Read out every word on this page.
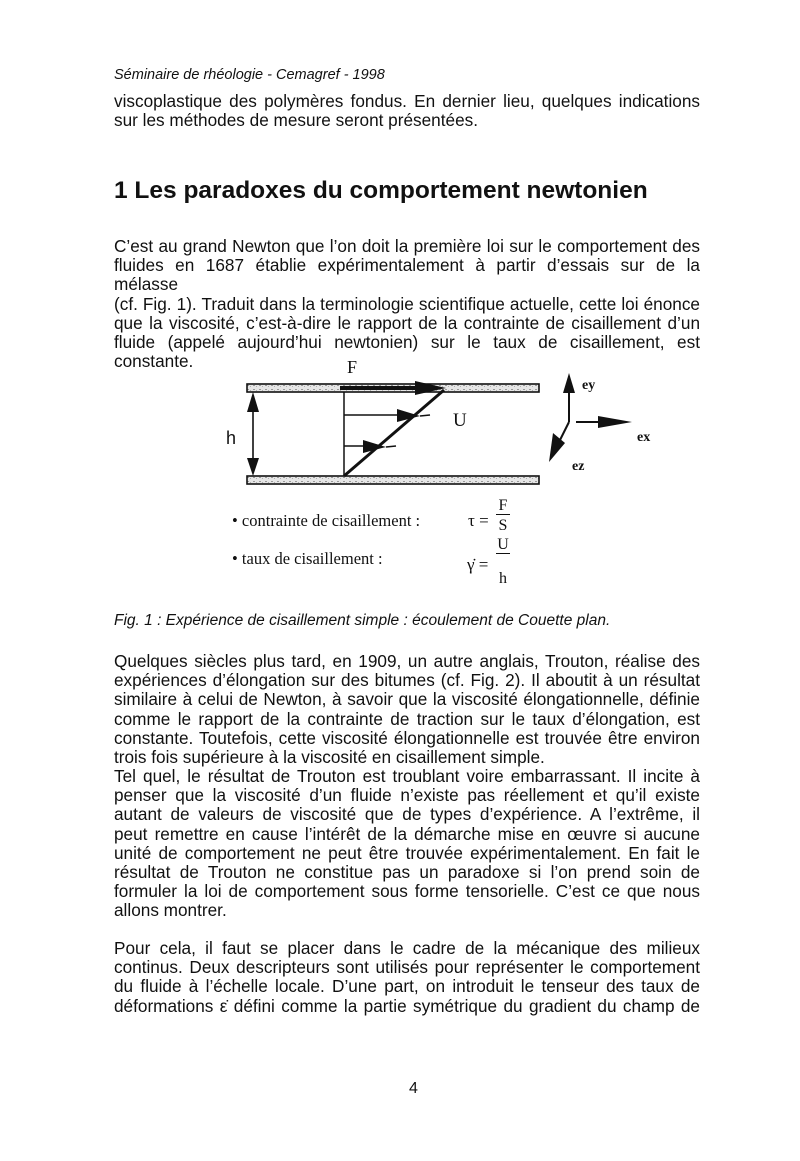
Séminaire de rhéologie - Cemagref - 1998
viscoplastique des polymères fondus. En dernier lieu, quelques indications
sur les méthodes de mesure seront présentées.
1 Les paradoxes du comportement newtonien
C’est au grand Newton que l’on doit la première loi sur le comportement des
fluides en 1687 établie expérimentalement à partir d’essais sur de la mélasse
(cf. Fig. 1). Traduit dans la terminologie scientifique actuelle, cette loi énonce
que la viscosité, c’est-à-dire le rapport de la contrainte de cisaillement d’un
fluide (appelé aujourd’hui newtonien) sur le taux de cisaillement, est
constante.	F
U
h
ey
ex
ez
• contrainte de cisaillement :	τ =
F
S
• taux de cisaillement :	γ̇ =
U
h
Fig. 1 : Expérience de cisaillement simple : écoulement de Couette plan.
Quelques siècles plus tard, en 1909, un autre anglais, Trouton, réalise des
expériences d’élongation sur des bitumes (cf. Fig. 2). Il aboutit à un résultat
similaire à celui de Newton, à savoir que la viscosité élongationnelle, définie
comme le rapport de la contrainte de traction sur le taux d’élongation, est
constante. Toutefois, cette viscosité élongationnelle est trouvée être environ
trois fois supérieure à la viscosité en cisaillement simple.
Tel quel, le résultat de Trouton est troublant voire embarrassant. Il incite à
penser que la viscosité d’un fluide n’existe pas réellement et qu’il existe
autant de valeurs de viscosité que de types d’expérience. A l’extrême, il
peut remettre en cause l’intérêt de la démarche mise en œuvre si aucune
unité de comportement ne peut être trouvée expérimentalement. En fait le
résultat de Trouton ne constitue pas un paradoxe si l’on prend soin de
formuler la loi de comportement sous forme tensorielle. C’est ce que nous
allons montrer.
Pour cela, il faut se placer dans le cadre de la mécanique des milieux
continus. Deux descripteurs sont utilisés pour représenter le comportement
du fluide à l’échelle locale. D’une part, on introduit le tenseur des taux de
déformations ε̇ défini comme la partie symétrique du gradient du champ de
4
